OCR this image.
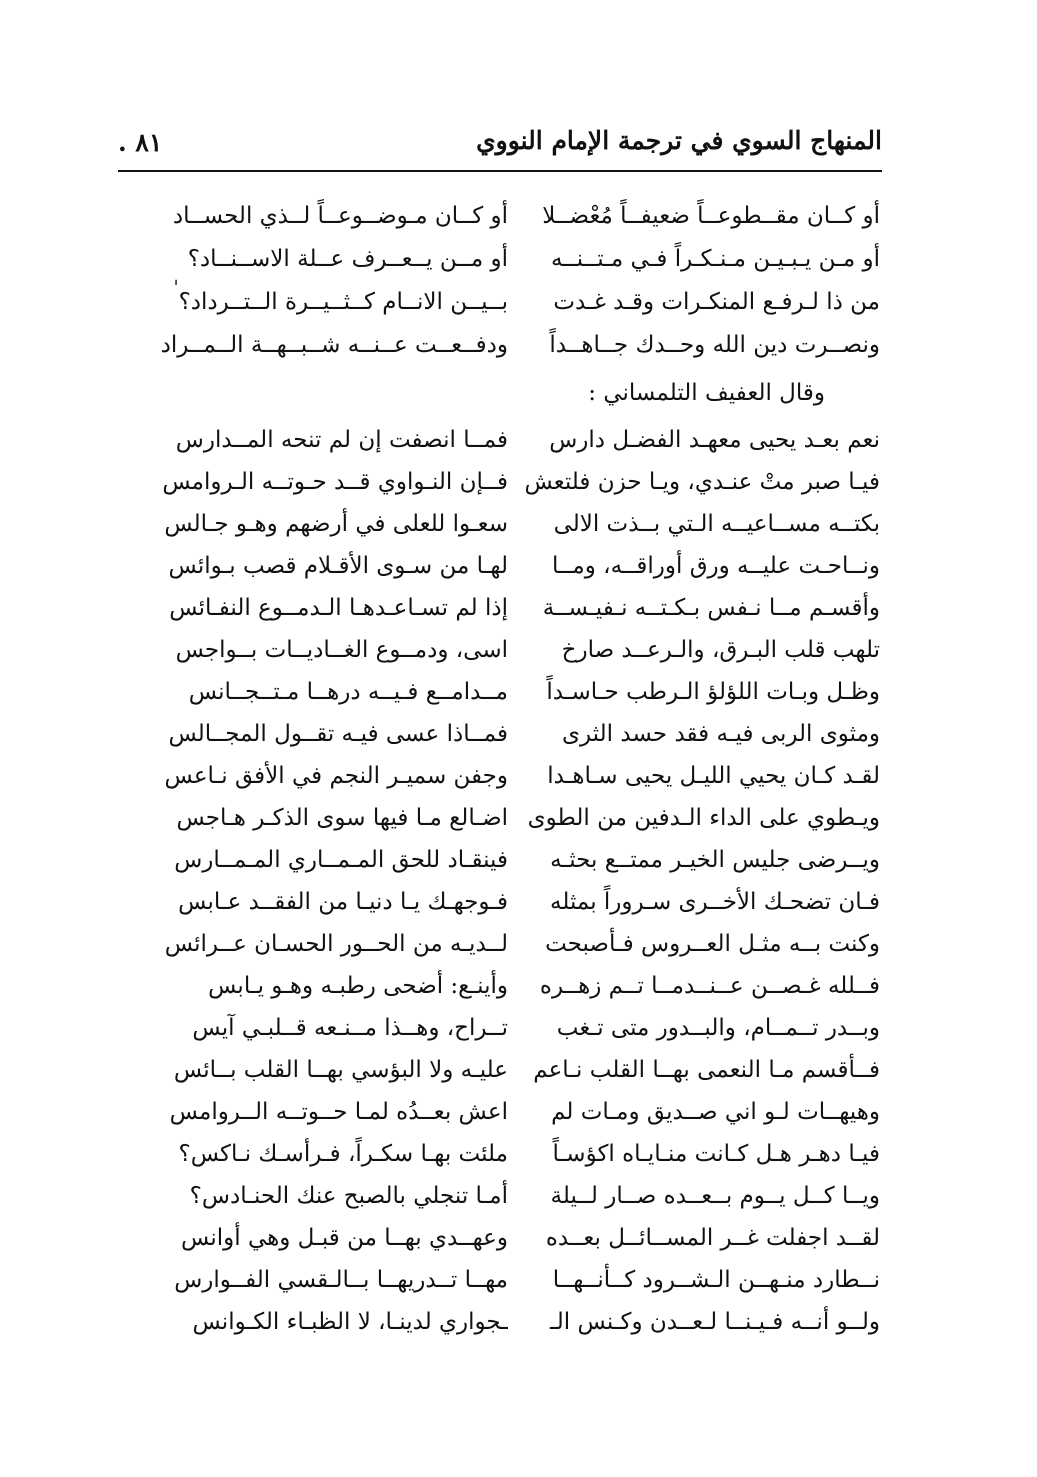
المنهاج السوي في ترجمة الإمام النووي
٨١ .
ˈ
أو كــان مقــطوعــاً ضعيفــاً مُعْضــلا
أو مـن يـبـيـن مـنـكـراً فـي مـتــنــه
من ذا لـرفـع المنكـرات وقـد غـدت
ونصــرت دين الله وحــدك جــاهــداً
وقال العفيف التلمساني :
نعم بعـد يحيى معهـد الفضـل دارس
فيـا صبر متْ عنـدي، ويـا حزن فلتعش
بكتــه مســاعيــه الـتي بــذت الالى
ونــاحـت عليــه ورق أوراقــه، ومــا
وأقسـم مــا نـفس بـكـتــه نـفيـســة
تلهب قلب البـرق، والـرعــد صارخ
وظـل وبـات اللؤلؤ الـرطب حـاسـداً
ومثوى الربى فيـه فقد حسد الثرى
لقـد كـان يحيي الليـل يحيى سـاهـدا
ويـطوي على الداء الـدفين من الطوى
ويــرضى جليس الخيـر ممتــع بحثـه
فـان تضحـك الأخــرى سـروراً بمثله
وكنت بــه مثـل العــروس فـأصبحت
فــلله غـصــن عــنــدمــا تــم زهــره
وبــدر تــمــام، والبــدور متى تـغب
فــأقسم مـا النعمى بهــا القلب نـاعم
وهيهــات لـو اني صــديق ومـات لم
فيـا دهـر هـل كـانت منـايـاه اكؤسـاً
ويــا كــل يــوم بــعــده صــار لــيلة
لقــد اجفلت غــر المســائــل بعــده
نــطارد منـهــن الـشــرود كــأنــهــا
ولــو أنــه فـيـنــا لـعــدن وكـنس الـ
أو كــان مـوضــوعــاً لــذي الحســاد
أو مــن يــعــرف عــلة الاســنــاد؟
بــيــن الانــام كــثــيــرة الــتــرداد؟
ودفــعــت عــنــه شــبــهــة الــمــراد
فمــا انصفت إن لم تنحه المــدارس
فــإن النـواوي قــد حـوتــه الـروامس
سعـوا للعلى في أرضهم وهـو جـالس
لهـا من سـوى الأقـلام قصب بـوائس
إذا لم تسـاعـدهـا الـدمــوع النفـائس
اسى، ودمــوع الغــاديــات بــواجس
مــدامــع فـيــه درهــا مـتــجــانس
فمــاذا عسى فيـه تقــول المجــالس
وجفن سميـر النجم في الأفق نـاعس
اضـالع مـا فيها سوى الذكـر هـاجس
فينقـاد للحق المـمــاري المـمــارس
فـوجهـك يـا دنيـا من الفقــد عـابس
لــديـه من الحــور الحسـان عــرائس
وأينـع: أضحى رطبـه وهـو يـابس
تــراح، وهــذا مــنـعه قــلبـي آيس
عليـه ولا البؤسي بهــا القلب بــائس
اعش بعــدُه لمـا حــوتــه الــروامس
ملئت بهـا سكـراً، فـرأسـك نـاكس؟
أمـا تنجلي بالصبح عنك الحنـادس؟
وعهــدي بهــا من قبـل وهي أوانس
مهــا تــدريهــا بــالـقسي الفــوارس
ـجواري لدينـا، لا الظبـاء الكـوانس
